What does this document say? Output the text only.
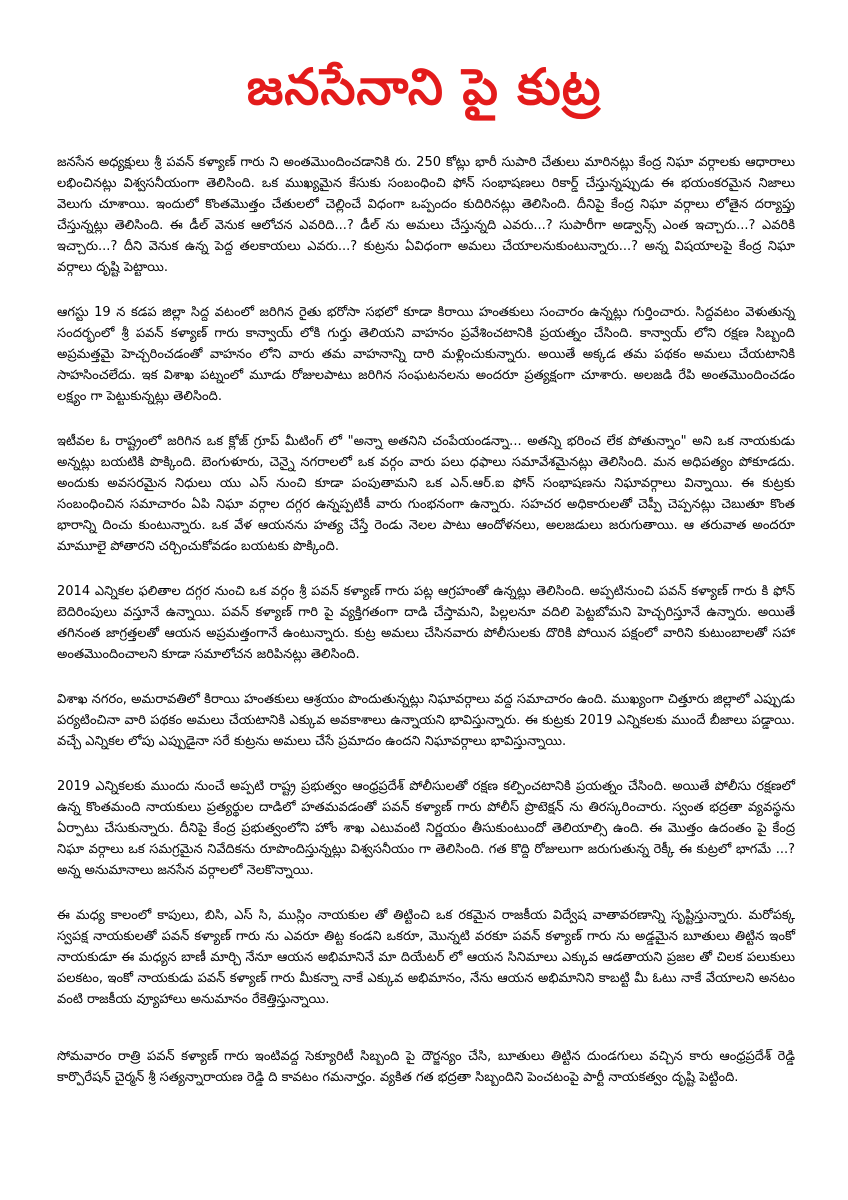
జనసేనాని పై కుట్ర

జనసేన అధ్యక్షులు శ్రీ పవన్ కళ్యాణ్ గారు ని అంతమొందించడానికి రు. 250 కోట్లు భారీ సుపారి చేతులు మారినట్లు కేంద్ర నిఘా వర్గాలకు ఆధారాలు లభించినట్లు విశ్వసనీయంగా తెలిసింది. ఒక ముఖ్యమైన కేసుకు సంబంధించి ఫోన్ సంభాషణలు రికార్డ్ చేస్తున్నప్పుడు ఈ భయంకరమైన నిజాలు వెలుగు చూశాయి. ఇందులో కొంతమొత్తం చేతులలో చెల్లించే విధంగా ఒప్పందం కుదిరినట్లు తెలిసింది. దీనిపై కేంద్ర నిఘా వర్గాలు లోతైన దర్యాప్తు చేస్తున్నట్లు తెలిసింది. ఈ డీల్ వెనుక ఆలోచన ఎవరిది...? డీల్ ను అమలు చేస్తున్నది ఎవరు...? సుపారీగా అడ్వాన్స్ ఎంత ఇచ్చారు...? ఎవరికి ఇచ్చారు...? దీని వెనుక ఉన్న పెద్ద తలకాయలు ఎవరు...? కుట్రను ఏవిధంగా అమలు చేయాలనుకుంటున్నారు...? అన్న విషయాలపై కేంద్ర నిఘా వర్గాలు దృష్టి పెట్టాయి.

ఆగస్టు 19 న కడప జిల్లా సిద్ద వటంలో జరిగిన రైతు భరోసా సభలో కూడా కిరాయి హంతకులు సంచారం ఉన్నట్లు గుర్తించారు. సిద్దవటం వెళుతున్న సందర్భంలో శ్రీ పవన్ కళ్యాణ్ గారు కాన్వాయ్ లోకి గుర్తు తెలియని వాహనం ప్రవేశించటానికి ప్రయత్నం చేసింది. కాన్వాయ్ లోని రక్షణ సిబ్బంది అప్రమత్తమై హెచ్చరించడంతో వాహనం లోని వారు తమ వాహనాన్ని దారి మళ్లించుకున్నారు. అయితే అక్కడ తమ పథకం అమలు చేయటానికి సాహసించలేదు. ఇక విశాఖ పట్నంలో మూడు రోజులపాటు జరిగిన సంఘటనలను అందరూ ప్రత్యక్షంగా చూశారు. అలజడి రేపి అంతమొందించడం లక్ష్యం గా పెట్టుకున్నట్లు తెలిసింది.

ఇటీవల ఓ రాష్ట్రంలో జరిగిన ఒక క్లోజ్ గ్రూప్ మీటింగ్ లో "అన్నా అతనిని చంపేయండన్నా... అతన్ని భరించ లేక పోతున్నాం" అని ఒక నాయకుడు అన్నట్లు బయటికి పొక్కింది. బెంగుళూరు, చెన్నై నగరాలలో ఒక వర్గం వారు పలు ధఫాలు సమావేశమైనట్లు తెలిసింది. మన అధిపత్యం పోకూడదు. అందుకు అవసరమైన నిధులు యు ఎస్ నుంచి కూడా పంపుతామని ఒక ఎన్.ఆర్.ఐ ఫోన్ సంభాషణను నిఘావర్గాలు విన్నాయి. ఈ కుట్రకు సంబంధించిన సమాచారం ఏపి నిఘా వర్గాల దగ్గర ఉన్నప్పటికీ వారు గుంభనంగా ఉన్నారు. సహచర అధికారులతో చెప్పీ చెప్పనట్లు చెబుతూ కొంత భారాన్ని దించు కుంటున్నారు. ఒక వేళ ఆయనను హత్య చేస్తే రెండు నెలల పాటు ఆందోళనలు, అలజడులు జరుగుతాయి. ఆ తరువాత అందరూ మామూలై పోతారని చర్చించుకోవడం బయటకు పొక్కింది.

2014 ఎన్నికల ఫలితాల దగ్గర నుంచి ఒక వర్గం శ్రీ పవన్ కళ్యాణ్ గారు పట్ల ఆగ్రహంతో ఉన్నట్లు తెలిసింది. అప్పటినుంచి పవన్ కళ్యాణ్ గారు కి ఫోన్ బెదిరింపులు వస్తూనే ఉన్నాయి. పవన్ కళ్యాణ్ గారి పై వ్యక్తిగతంగా దాడి చేస్తామని, పిల్లలనూ వదిలి పెట్టబోమని హెచ్చరిస్తూనే ఉన్నారు. అయితే తగినంత జాగ్రత్తలతో ఆయన అప్రమత్తంగానే ఉంటున్నారు. కుట్ర అమలు చేసినవారు పోలీసులకు దొరికి పోయిన పక్షంలో వారిని కుటుంబాలతో సహా అంతమొందించాలని కూడా సమాలోచన జరిపినట్లు తెలిసింది.

విశాఖ నగరం, అమరావతిలో కిరాయి హంతకులు ఆశ్రయం పొందుతున్నట్లు నిఘావర్గాలు వద్ద సమాచారం ఉంది. ముఖ్యంగా చిత్తూరు జిల్లాలో ఎప్పుడు పర్యటించినా వారి పథకం అమలు చేయటానికి ఎక్కువ అవకాశాలు ఉన్నాయని భావిస్తున్నారు. ఈ కుట్రకు 2019 ఎన్నికలకు ముందే బీజాలు పడ్డాయి. వచ్చే ఎన్నికల లోపు ఎప్పుడైనా సరే కుట్రను అమలు చేసే ప్రమాదం ఉందని నిఘావర్గాలు భావిస్తున్నాయి.

2019 ఎన్నికలకు ముందు నుంచే అప్పటి రాష్ట్ర ప్రభుత్వం ఆంధ్రప్రదేశ్ పోలీసులతో రక్షణ కల్పించటానికి ప్రయత్నం చేసింది. అయితే పోలీసు రక్షణలో ఉన్న కొంతమంది నాయకులు ప్రత్యర్థుల దాడిలో హతమవడంతో పవన్ కళ్యాణ్ గారు పోలీస్ ప్రొటెక్షన్ ను తిరస్కరించారు. స్వంత భద్రతా వ్యవస్థను ఏర్పాటు చేసుకున్నారు. దీనిపై కేంద్ర ప్రభుత్వంలోని హోం శాఖ ఎటువంటి నిర్ణయం తీసుకుంటుందో తెలియాల్సి ఉంది. ఈ మొత్తం ఉదంతం పై కేంద్ర నిఘా వర్గాలు ఒక సమగ్రమైన నివేదికను రూపొందిస్తున్నట్లు విశ్వసనీయం గా తెలిసింది. గత కొద్ది రోజులుగా జరుగుతున్న రెక్కీ ఈ కుట్రలో భాగమే ...? అన్న అనుమానాలు జనసేన వర్గాలలో నెలకొన్నాయి.

ఈ మధ్య కాలంలో కాపులు, బిసి, ఎస్ సి, ముస్లిం నాయకుల తో తిట్టించి ఒక రకమైన రాజకీయ విద్వేష వాతావరణాన్ని సృష్టిస్తున్నారు. మరోపక్క స్వపక్ష నాయకులతో పవన్ కళ్యాణ్ గారు ను ఎవరూ తిట్ట కండని ఒకరూ, మొన్నటి వరకూ పవన్ కళ్యాణ్ గారు ను అడ్డమైన బూతులు తిట్టిన ఇంకో నాయకుడూ ఈ మధ్యన బాణీ మార్చి నేనూ ఆయన అభిమానినే మా దియేటర్ లో ఆయన సినిమాలు ఎక్కువ ఆడతాయని ప్రజల తో చిలక పలుకులు పలకటం, ఇంకో నాయకుడు పవన్ కళ్యాణ్ గారు మీకన్నా నాకే ఎక్కువ అభిమానం, నేను ఆయన అభిమానిని కాబట్టి మీ ఓటు నాకే వేయాలని అనటం వంటి రాజకీయ వ్యూహాలు అనుమానం రేకెత్తిస్తున్నాయి.

సోమవారం రాత్రి పవన్ కళ్యాణ్ గారు ఇంటివద్ద సెక్యూరిటీ సిబ్బంది పై దౌర్జన్యం చేసి, బూతులు తిట్టిన దుండగులు వచ్చిన కారు ఆంధ్రప్రదేశ్ రెడ్డి కార్పొరేషన్ చైర్మన్ శ్రీ సత్యన్నారాయణ రెడ్డి ది కావటం గమనార్హం. వ్యకిత గత భద్రతా సిబ్బందిని పెంచటంపై పార్టీ నాయకత్వం దృష్టి పెట్టింది.
